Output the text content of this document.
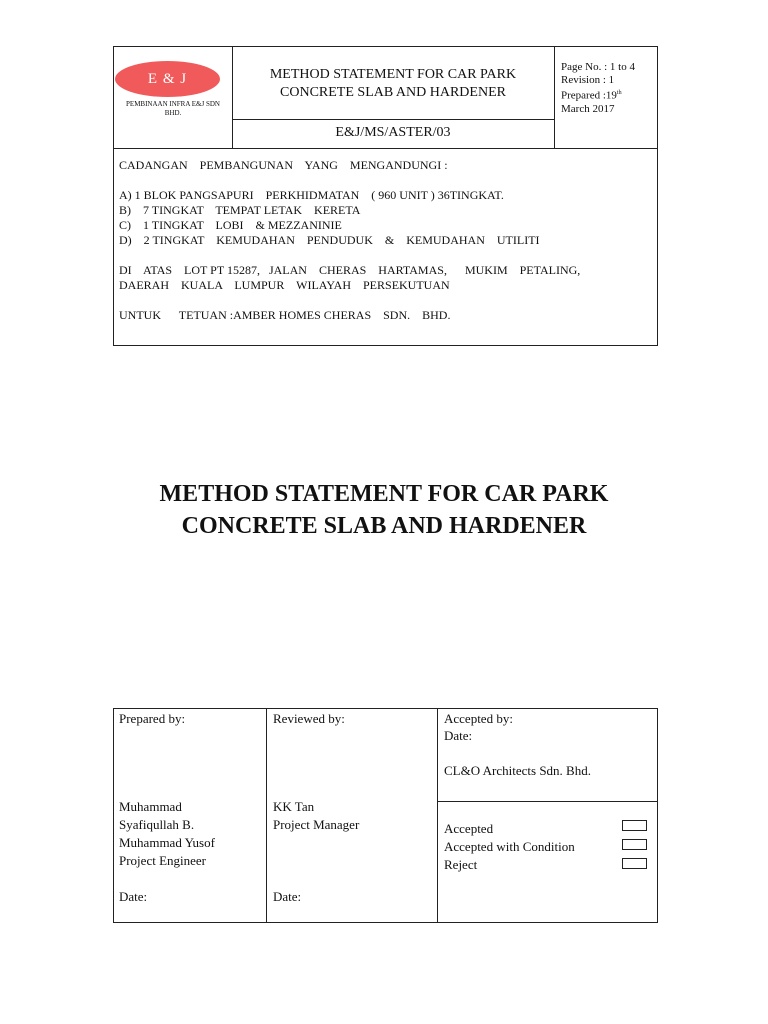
E & J
PEMBINAAN INFRA E&J SDN BHD.
METHOD STATEMENT FOR CAR PARK
CONCRETE SLAB AND HARDENER
E&J/MS/ASTER/03
Page No. : 1 to 4
Revision : 1
Prepared :19th
March 2017

CADANGAN    PEMBANGUNAN    YANG    MENGANDUNGI :

A) 1 BLOK PANGSAPURI    PERKHIDMATAN    ( 960 UNIT ) 36TINGKAT.

B)    7 TINGKAT    TEMPAT LETAK    KERETA

C)    1 TINGKAT    LOBI    & MEZZANINIE

D)    2 TINGKAT    KEMUDAHAN    PENDUDUK    &    KEMUDAHAN    UTILITI

DI    ATAS    LOT PT 15287,   JALAN    CHERAS    HARTAMAS,      MUKIM    PETALING,

DAERAH    KUALA    LUMPUR    WILAYAH    PERSEKUTUAN

UNTUK      TETUAN :AMBER HOMES CHERAS    SDN.    BHD.

METHOD STATEMENT FOR CAR PARK
CONCRETE SLAB AND HARDENER
Prepared by:
Muhammad
Syafiqullah B.
Muhammad Yusof
Project Engineer
Date:
Reviewed by:
KK Tan
Project Manager
Date:
Accepted by:
Date:
CL&O Architects Sdn. Bhd.
Accepted
Accepted with Condition
Reject
